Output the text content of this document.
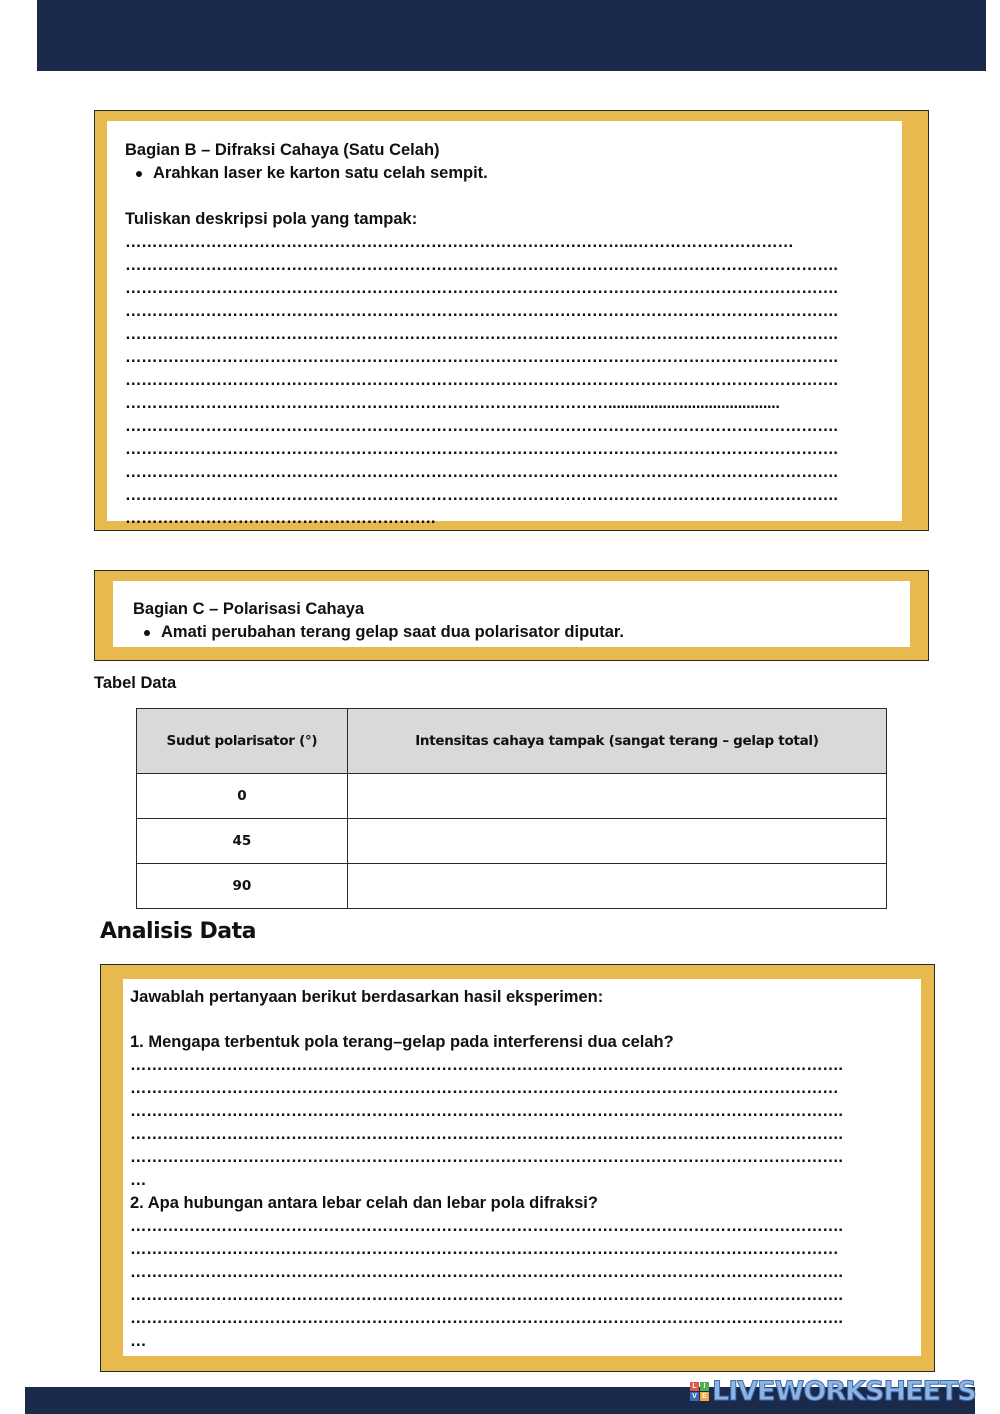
Bagian B – Difraksi Cahaya (Satu Celah)
Arahkan laser ke karton satu celah sempit.
Tuliskan deskripsi pola yang tampak:
…………………………………………………………………………………..…………………………
…………………………………………………………………………………………………………………….
…………………………………………………………………………………………………………………….
…………………………………………………………………………………………………………………….
…………………………………………………………………………………………………………………….
…………………………………………………………………………………………………………………….
…………………………………………………………………………………………………………………….
……………………………………………………………………………….........................................
…………………………………………………………………………………………………………………….
…………………………………………………………………………………………………………………….
…………………………………………………………………………………………………………………….
…………………………………………………………………………………………………………………….
………………………………………………….
Bagian C – Polarisasi Cahaya
Amati perubahan terang gelap saat dua polarisator diputar.
Tabel Data
Sudut polarisator (°)	Intensitas cahaya tampak (sangat terang – gelap total)
0	
45	
90	
Analisis Data
Jawablah pertanyaan berikut berdasarkan hasil eksperimen:
1. Mengapa terbentuk pola terang–gelap pada interferensi dua celah?
…………………………………………………………………………………………………………………….
……………………………………………………………………………………………………………………
…………………………………………………………………………………………………………………….
…………………………………………………………………………………………………………………….
…………………………………………………………………………………………………………………….
…
2. Apa hubungan antara lebar celah dan lebar pola difraksi?
…………………………………………………………………………………………………………………….
……………………………………………………………………………………………………………………
…………………………………………………………………………………………………………………….
…………………………………………………………………………………………………………………….
…………………………………………………………………………………………………………………….
…
L I
V E LIVEWORKSHEETS
